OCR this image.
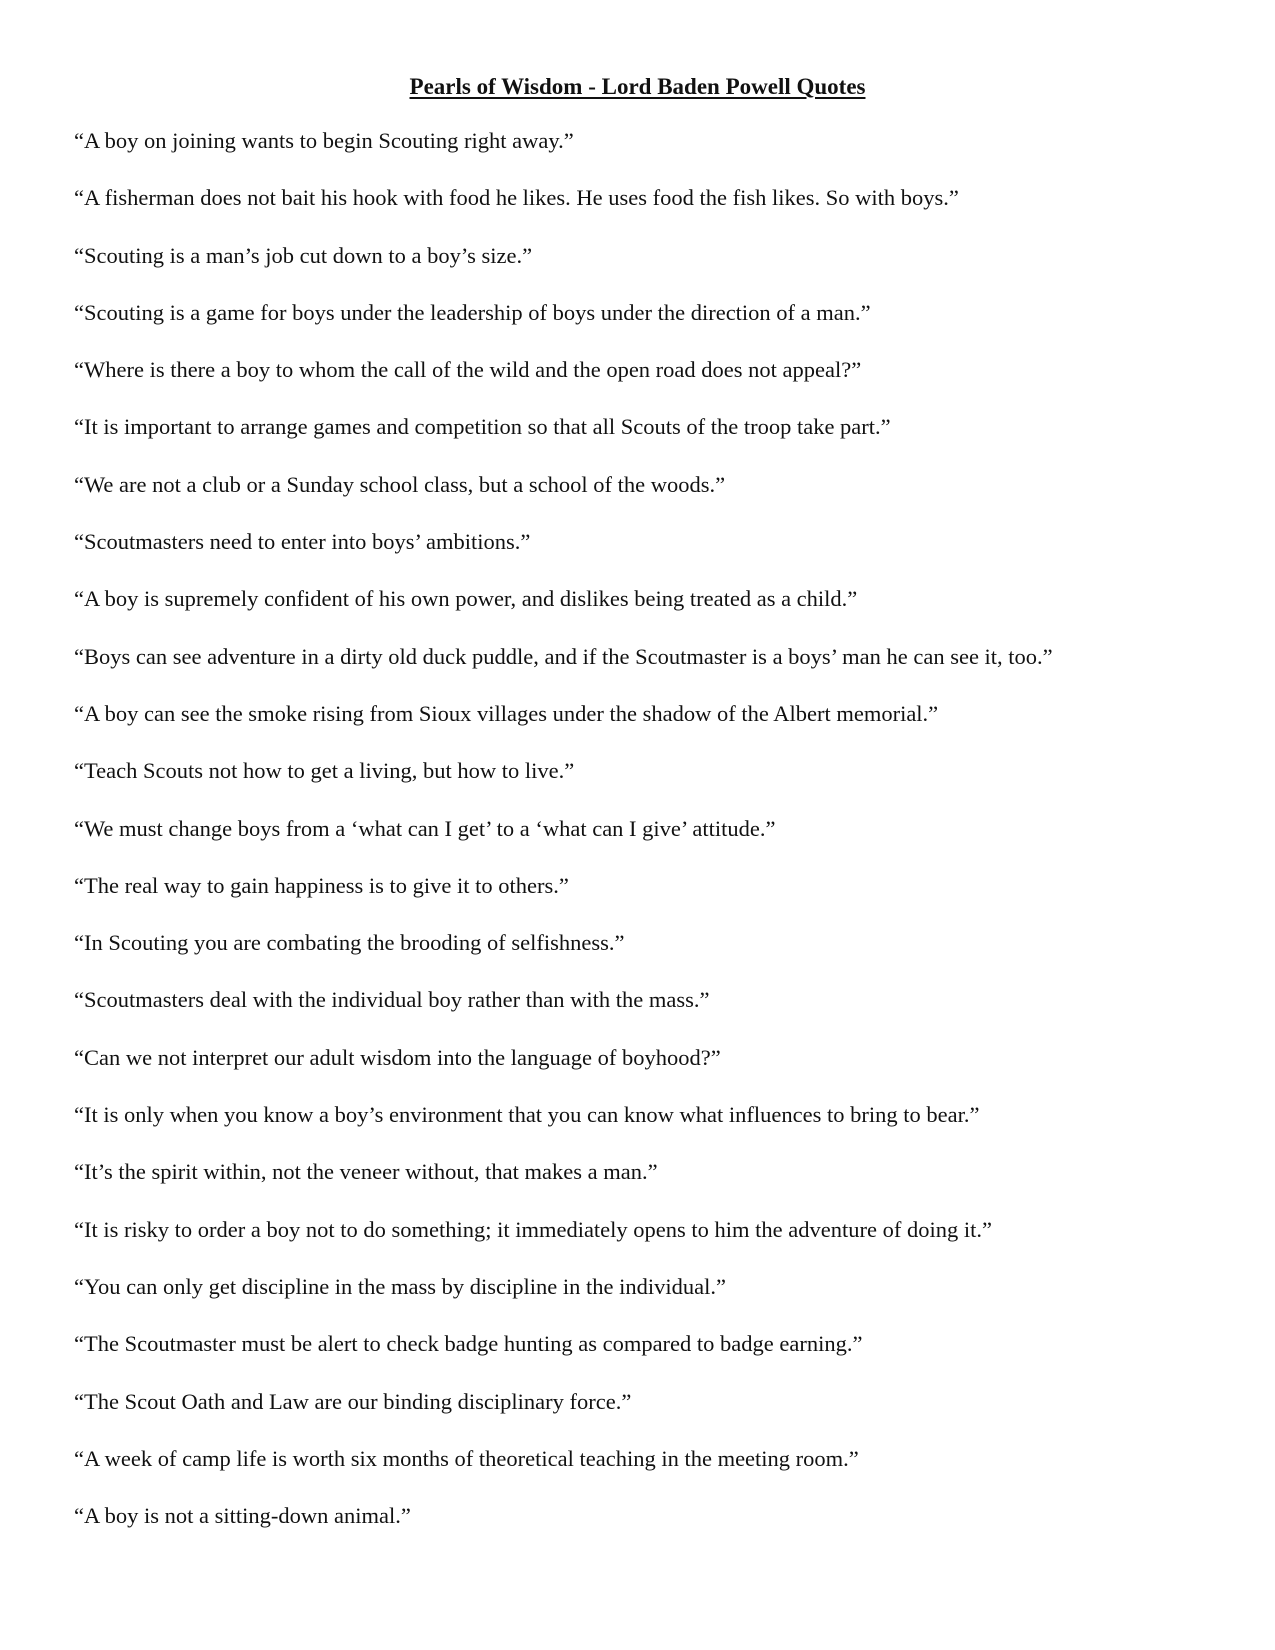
Pearls of Wisdom - Lord Baden Powell Quotes
“A boy on joining wants to begin Scouting right away.”
“A fisherman does not bait his hook with food he likes. He uses food the fish likes. So with boys.”
“Scouting is a man’s job cut down to a boy’s size.”
“Scouting is a game for boys under the leadership of boys under the direction of a man.”
“Where is there a boy to whom the call of the wild and the open road does not appeal?”
“It is important to arrange games and competition so that all Scouts of the troop take part.”
“We are not a club or a Sunday school class, but a school of the woods.”
“Scoutmasters need to enter into boys’ ambitions.”
“A boy is supremely confident of his own power, and dislikes being treated as a child.”
“Boys can see adventure in a dirty old duck puddle, and if the Scoutmaster is a boys’ man he can see it, too.”
“A boy can see the smoke rising from Sioux villages under the shadow of the Albert memorial.”
“Teach Scouts not how to get a living, but how to live.”
“We must change boys from a ‘what can I get’ to a ‘what can I give’ attitude.”
“The real way to gain happiness is to give it to others.”
“In Scouting you are combating the brooding of selfishness.”
“Scoutmasters deal with the individual boy rather than with the mass.”
“Can we not interpret our adult wisdom into the language of boyhood?”
“It is only when you know a boy’s environment that you can know what influences to bring to bear.”
“It’s the spirit within, not the veneer without, that makes a man.”
“It is risky to order a boy not to do something; it immediately opens to him the adventure of doing it.”
“You can only get discipline in the mass by discipline in the individual.”
“The Scoutmaster must be alert to check badge hunting as compared to badge earning.”
“The Scout Oath and Law are our binding disciplinary force.”
“A week of camp life is worth six months of theoretical teaching in the meeting room.”
“A boy is not a sitting-down animal.”
